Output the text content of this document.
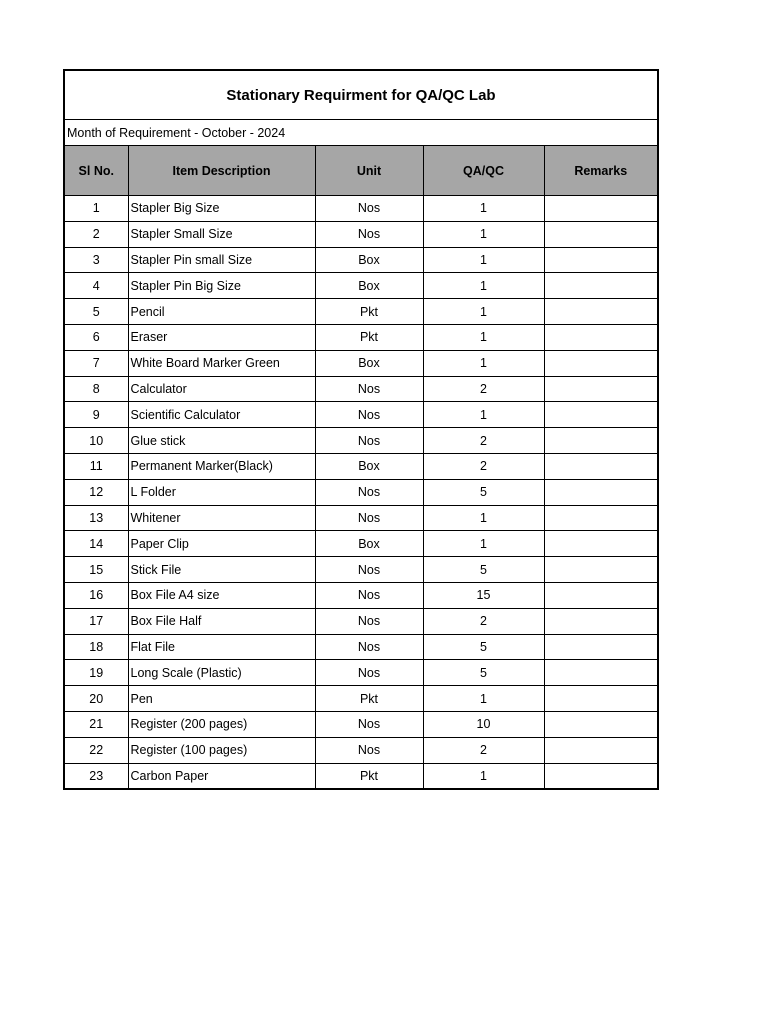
Stationary Requirment for QA/QC Lab
Month of Requirement - October - 2024
Sl No.	Item Description	Unit	QA/QC	Remarks
1	Stapler Big Size	Nos	1	
2	Stapler Small Size	Nos	1	
3	Stapler Pin small Size	Box	1	
4	Stapler Pin Big Size	Box	1	
5	Pencil	Pkt	1	
6	Eraser	Pkt	1	
7	White Board Marker Green	Box	1	
8	Calculator	Nos	2	
9	Scientific Calculator	Nos	1	
10	Glue stick	Nos	2	
11	Permanent Marker(Black)	Box	2	
12	L Folder	Nos	5	
13	Whitener	Nos	1	
14	Paper Clip	Box	1	
15	Stick File	Nos	5	
16	Box File A4 size	Nos	15	
17	Box File Half	Nos	2	
18	Flat File	Nos	5	
19	Long Scale (Plastic)	Nos	5	
20	Pen	Pkt	1	
21	Register (200 pages)	Nos	10	
22	Register (100 pages)	Nos	2	
23	Carbon Paper	Pkt	1	
